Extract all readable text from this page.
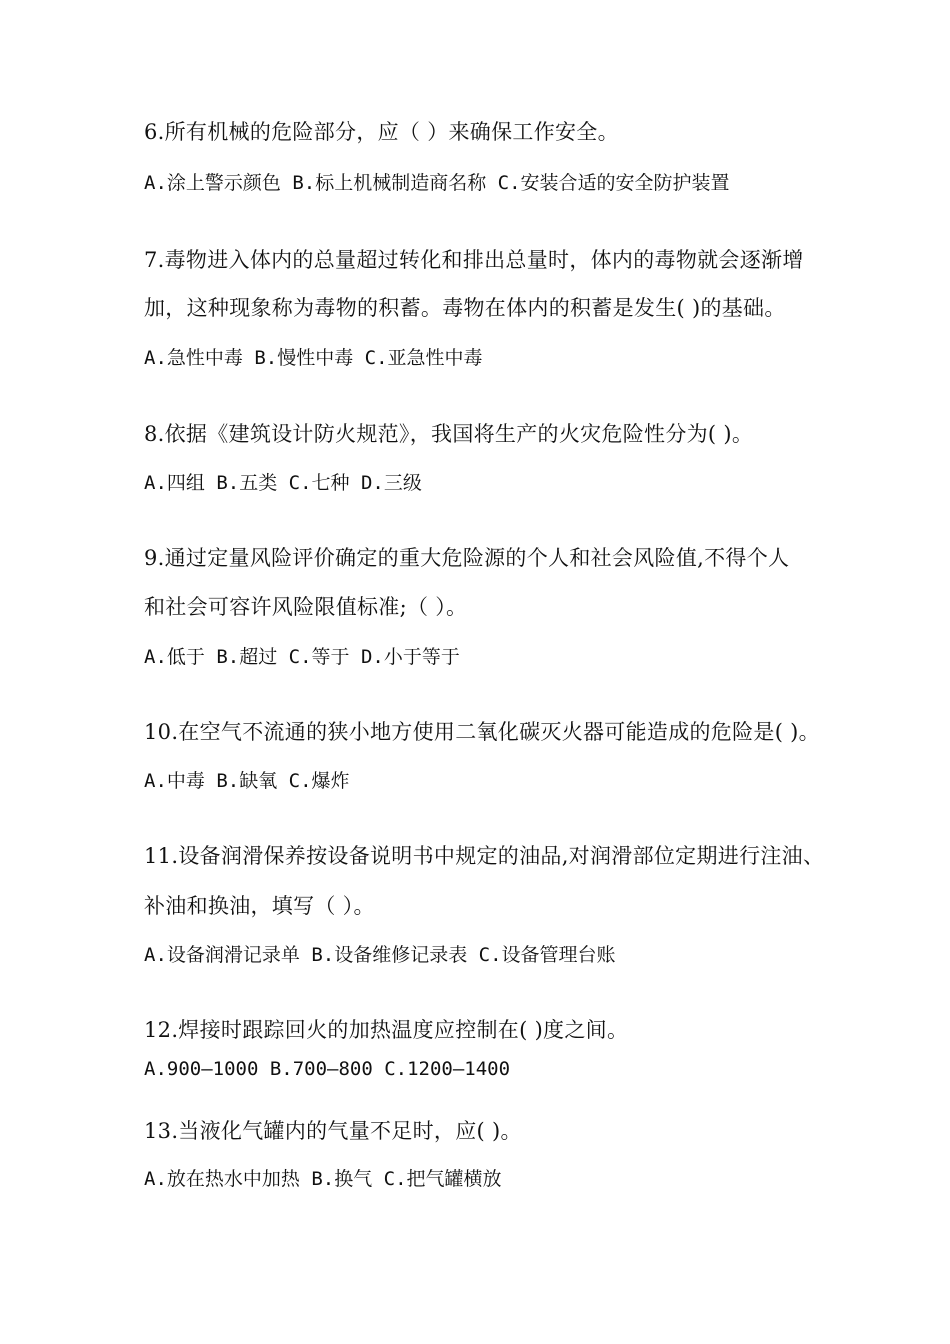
6.所有机械的危险部分，应（ ）来确保工作安全。
A.涂上警示颜色 B.标上机械制造商名称 C.安装合适的安全防护装置
7.毒物进入体内的总量超过转化和排出总量时，体内的毒物就会逐渐增
加，这种现象称为毒物的积蓄。毒物在体内的积蓄是发生( )的基础。
A.急性中毒 B.慢性中毒 C.亚急性中毒
8.依据《建筑设计防火规范》，我国将生产的火灾危险性分为( )。
A.四组 B.五类 C.七种 D.三级
9.通过定量风险评价确定的重大危险源的个人和社会风险值,不得个人
和社会可容许风险限值标准;（ ）。
A.低于 B.超过 C.等于 D.小于等于
10.在空气不流通的狭小地方使用二氧化碳灭火器可能造成的危险是( )。
A.中毒 B.缺氧 C.爆炸
11.设备润滑保养按设备说明书中规定的油品,对润滑部位定期进行注油、
补油和换油，填写（ ）。
A.设备润滑记录单 B.设备维修记录表 C.设备管理台账
12.焊接时跟踪回火的加热温度应控制在( )度之间。
A.900—1000 B.700—800 C.1200—1400
13.当液化气罐内的气量不足时，应( )。
A.放在热水中加热 B.换气 C.把气罐横放
